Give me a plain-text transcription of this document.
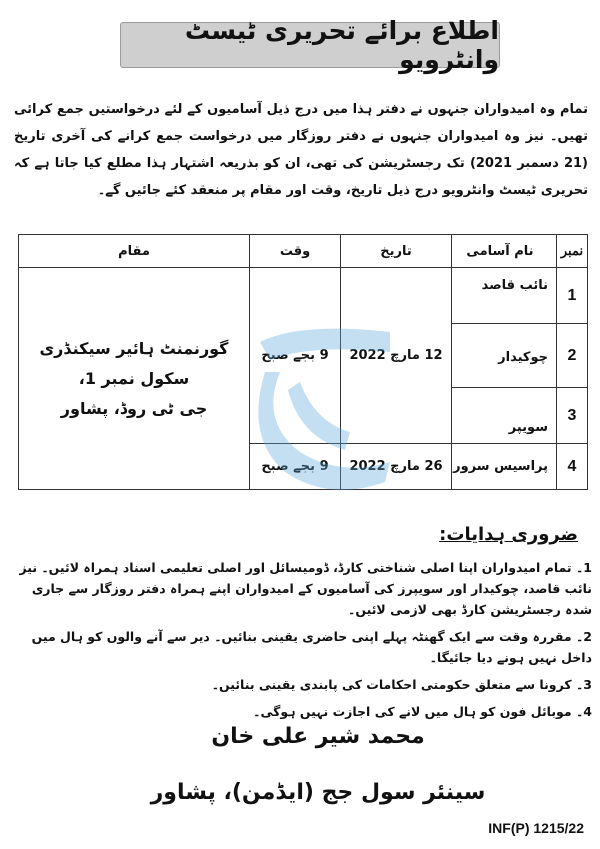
اطلاع برائے تحریری ٹیسٹ وانٹرویو
تمام وہ امیدواران جنہوں نے دفتر ہذا میں درج ذیل آسامیوں کے لئے درخواستیں جمع کرائی تھیں۔ نیز وہ امیدواران جنہوں نے دفتر روزگار میں درخواست جمع کرانے کی آخری تاریخ (21 دسمبر 2021) تک رجسٹریشن کی تھی، ان کو بذریعہ اشتہار ہذا مطلع کیا جاتا ہے کہ تحریری ٹیسٹ وانٹرویو درج ذیل تاریخ، وقت اور مقام پر منعقد کئے جائیں گے۔
نمبر	نام آسامی	تاریخ	وقت	مقام
1	نائب قاصد	12 مارچ 2022	9 بجے صبح	گورنمنٹ ہائیر سیکنڈری سکول نمبر 1،
جی ٹی روڈ، پشاور

2	چوکیدار			
3	سویپر			
4	پراسیس سرور	26 مارچ 2022	9 بجے صبح	
ضروری ہدایات:

1۔ تمام امیدواران اپنا اصلی شناختی کارڈ، ڈومیسائل اور اصلی تعلیمی اسناد ہمراہ لائیں۔ نیز نائب قاصد، چوکیدار اور سویپرز کی آسامیوں کے امیدواران اپنے ہمراہ دفتر روزگار سے جاری شدہ رجسٹریشن کارڈ بھی لازمی لائیں۔

2۔ مقررہ وقت سے ایک گھنٹہ پہلے اپنی حاضری یقینی بنائیں۔ دیر سے آنے والوں کو ہال میں داخل نہیں ہونے دیا جائیگا۔

3۔ کرونا سے متعلق حکومتی احکامات کی پابندی یقینی بنائیں۔

4۔ موبائل فون کو ہال میں لانے کی اجازت نہیں ہوگی۔

محمد شیر علی خان
سینئر سول جج (ایڈمن)، پشاور
INF(P) 1215/22
